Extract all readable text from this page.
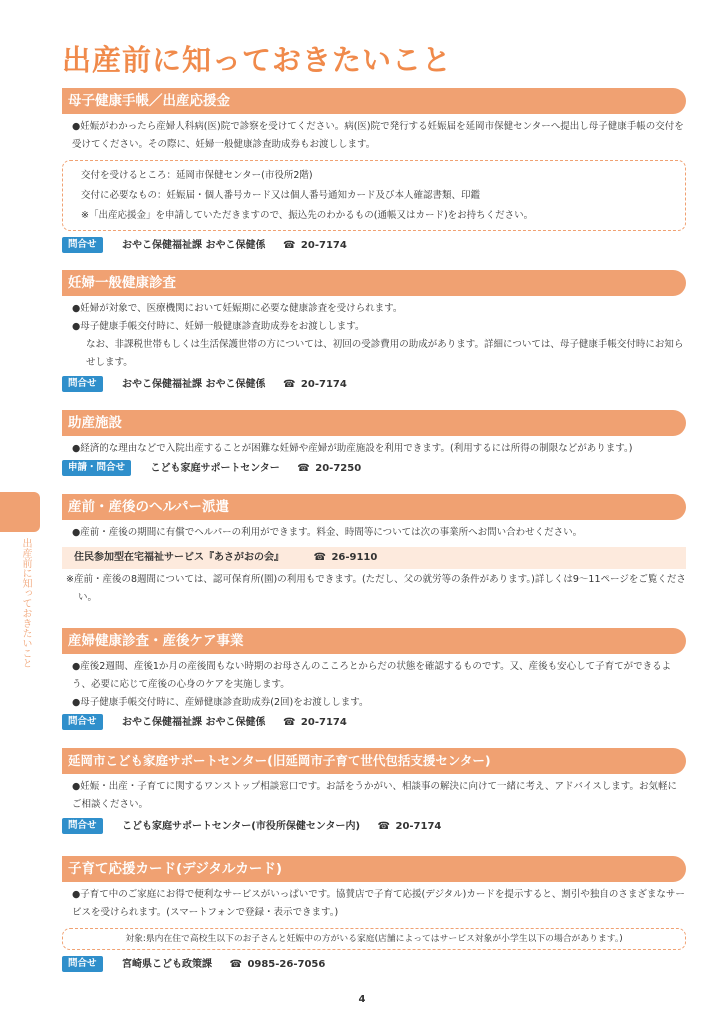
出産前に知っておきたいこと
出産前に知っておきたいこと
母子健康手帳／出産応援金
●妊娠がわかったら産婦人科病(医)院で診察を受けてください。病(医)院で発行する妊娠届を延岡市保健センターへ提出し母子健康手帳の交付を受けてください。その際に、妊婦一般健康診査助成券もお渡しします。
交付を受けるところ：延岡市保健センター(市役所2階)
交付に必要なもの：妊娠届・個人番号カード又は個人番号通知カード及び本人確認書類、印鑑
※「出産応援金」を申請していただきますので、振込先のわかるもの(通帳又はカード)をお持ちください。
問合せ	おやこ保健福祉課 おやこ保健係 ☎ 20-7174
妊婦一般健康診査
●妊婦が対象で、医療機関において妊娠期に必要な健康診査を受けられます。
●母子健康手帳交付時に、妊婦一般健康診査助成券をお渡しします。
なお、非課税世帯もしくは生活保護世帯の方については、初回の受診費用の助成があります。詳細については、母子健康手帳交付時にお知らせします。
問合せ	おやこ保健福祉課 おやこ保健係 ☎ 20-7174
助産施設
●経済的な理由などで入院出産することが困難な妊婦や産婦が助産施設を利用できます。(利用するには所得の制限などがあります。)
申請・問合せ	こども家庭サポートセンター ☎ 20-7250
産前・産後のヘルパー派遣
●産前・産後の期間に有償でヘルパーの利用ができます。料金、時間等については次の事業所へお問い合わせください。
住民参加型在宅福祉サービス『あさがおの会』	☎ 26-9110
※産前・産後の8週間については、認可保育所(園)の利用もできます。(ただし、父の就労等の条件があります。)詳しくは9～11ページをご覧ください。
産婦健康診査・産後ケア事業
●産後2週間、産後1か月の産後間もない時期のお母さんのこころとからだの状態を確認するものです。又、産後も安心して子育てができるよう、必要に応じて産後の心身のケアを実施します。
●母子健康手帳交付時に、産婦健康診査助成券(2回)をお渡しします。
問合せ	おやこ保健福祉課 おやこ保健係 ☎ 20-7174
延岡市こども家庭サポートセンター(旧延岡市子育て世代包括支援センター)
●妊娠・出産・子育てに関するワンストップ相談窓口です。お話をうかがい、相談事の解決に向けて一緒に考え、アドバイスします。お気軽にご相談ください。
問合せ	こども家庭サポートセンター(市役所保健センター内) ☎ 20-7174
子育て応援カード(デジタルカード)
●子育て中のご家庭にお得で便利なサービスがいっぱいです。協賛店で子育て応援(デジタル)カードを提示すると、割引や独自のさまざまなサービスを受けられます。(スマートフォンで登録・表示できます。)
対象:県内在住で高校生以下のお子さんと妊娠中の方がいる家庭(店舗によってはサービス対象が小学生以下の場合があります。)
問合せ	宮崎県こども政策課 ☎ 0985-26-7056
4
